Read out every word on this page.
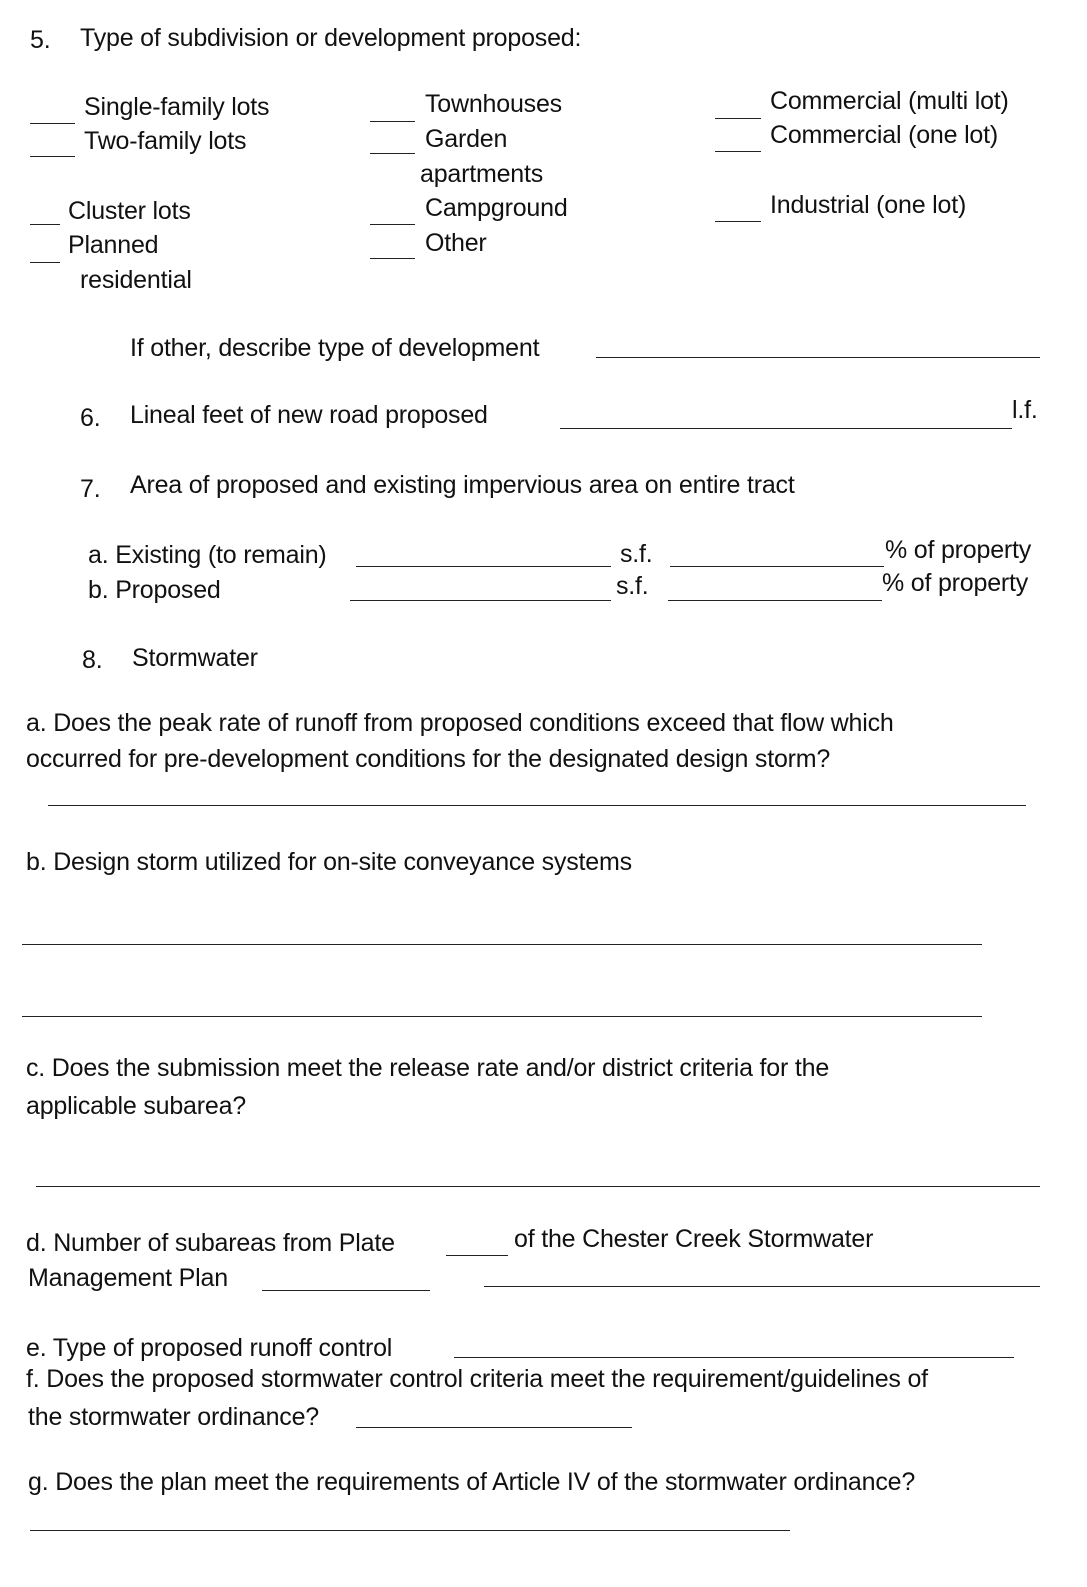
5. Type of subdivision or development proposed:
Single-family lots
Two-family lots
Cluster lots
Planned
residential
Townhouses
Garden
apartments
Campground
Other
Commercial (multi lot)
Commercial (one lot)
Industrial (one lot)
If other, describe type of development
6. Lineal feet of new road proposed	l.f.
7. Area of proposed and existing impervious area on entire tract
a. Existing (to remain)	s.f.	% of property
b. Proposed	s.f.	% of property
8. Stormwater
a. Does the peak rate of runoff from proposed conditions exceed that flow which
occurred for pre-development conditions for the designated design storm?
b. Design storm utilized for on-site conveyance systems
c. Does the submission meet the release rate and/or district criteria for the
applicable subarea?
d. Number of subareas from Plate	of the Chester Creek Stormwater
Management Plan
e. Type of proposed runoff control
f. Does the proposed stormwater control criteria meet the requirement/guidelines of
the stormwater ordinance?
g. Does the plan meet the requirements of Article IV of the stormwater ordinance?
